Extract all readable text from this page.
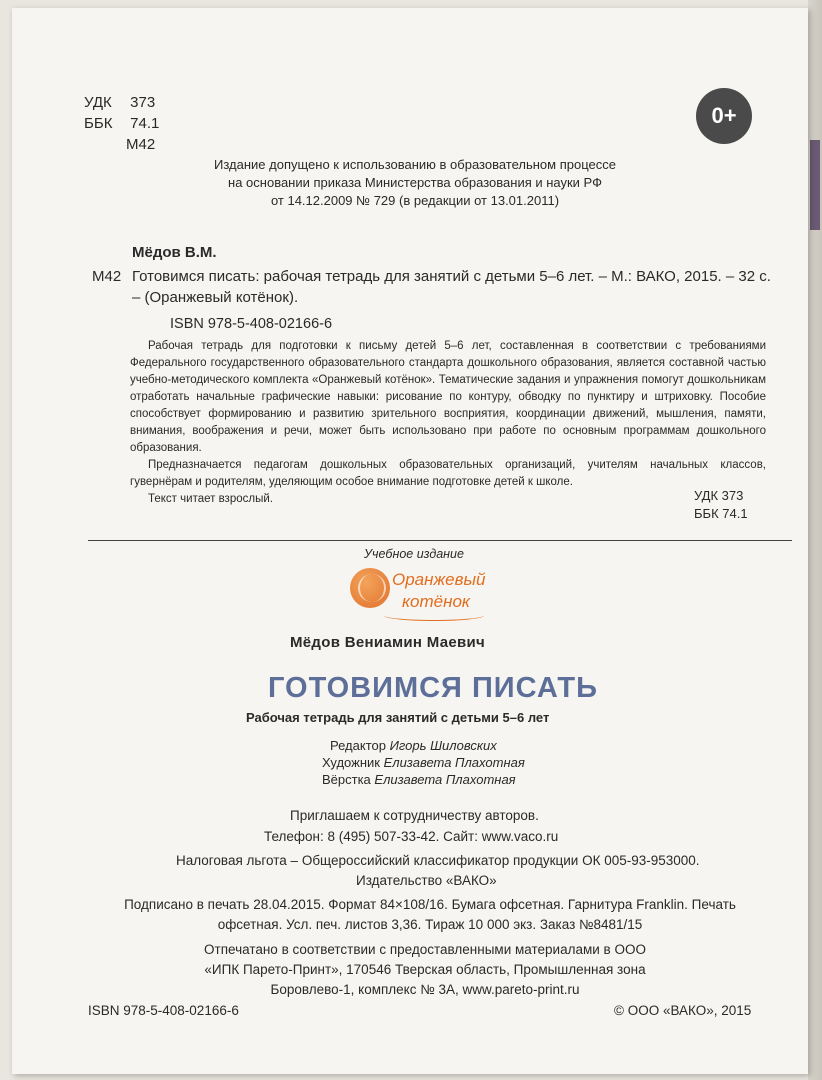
УДК 373
ББК 74.1
М42
0+
Издание допущено к использованию в образовательном процессе
на основании приказа Министерства образования и науки РФ
от 14.12.2009 № 729 (в редакции от 13.01.2011)
Мёдов В.М.
М42 Готовимся писать: рабочая тетрадь для занятий с детьми 5–6 лет. – М.: ВАКО, 2015. – 32 с. – (Оранжевый котёнок).
ISBN 978-5-408-02166-6

Рабочая тетрадь для подготовки к письму детей 5–6 лет, составленная в соответствии с требованиями Федерального государственного образовательного стандарта дошкольного образования, является составной частью учебно-методического комплекта «Оранжевый котёнок». Тематические задания и упражнения помогут дошкольникам отработать начальные графические навыки: рисование по контуру, обводку по пунктиру и штриховку. Пособие способствует формированию и развитию зрительного восприятия, координации движений, мышления, памяти, внимания, воображения и речи, может быть использовано при работе по основным программам дошкольного образования.

Предназначается педагогам дошкольных образовательных организаций, учителям начальных классов, гувернёрам и родителям, уделяющим особое внимание подготовке детей к школе.

Текст читает взрослый.	УДК 373
ББК 74.1
Учебное издание
Оранжевый
котёнок
Мёдов Вениамин Маевич
ГОТОВИМСЯ ПИСАТЬ
Рабочая тетрадь для занятий с детьми 5–6 лет
Редактор Игорь Шиловских
Художник Елизавета Плахотная
Вёрстка Елизавета Плахотная
Приглашаем к сотрудничеству авторов.
Телефон: 8 (495) 507-33-42. Сайт: www.vaco.ru
Налоговая льгота – Общероссийский классификатор продукции ОК 005-93-953000.
Издательство «ВАКО»
Подписано в печать 28.04.2015. Формат 84×108/16. Бумага офсетная. Гарнитура Franklin. Печать офсетная. Усл. печ. листов 3,36. Тираж 10 000 экз. Заказ №8481/15
Отпечатано в соответствии с предоставленными материалами в ООО «ИПК Парето-Принт», 170546 Тверская область, Промышленная зона Боровлево-1, комплекс № 3А, www.pareto-print.ru
ISBN 978-5-408-02166-6	© ООО «ВАКО», 2015
